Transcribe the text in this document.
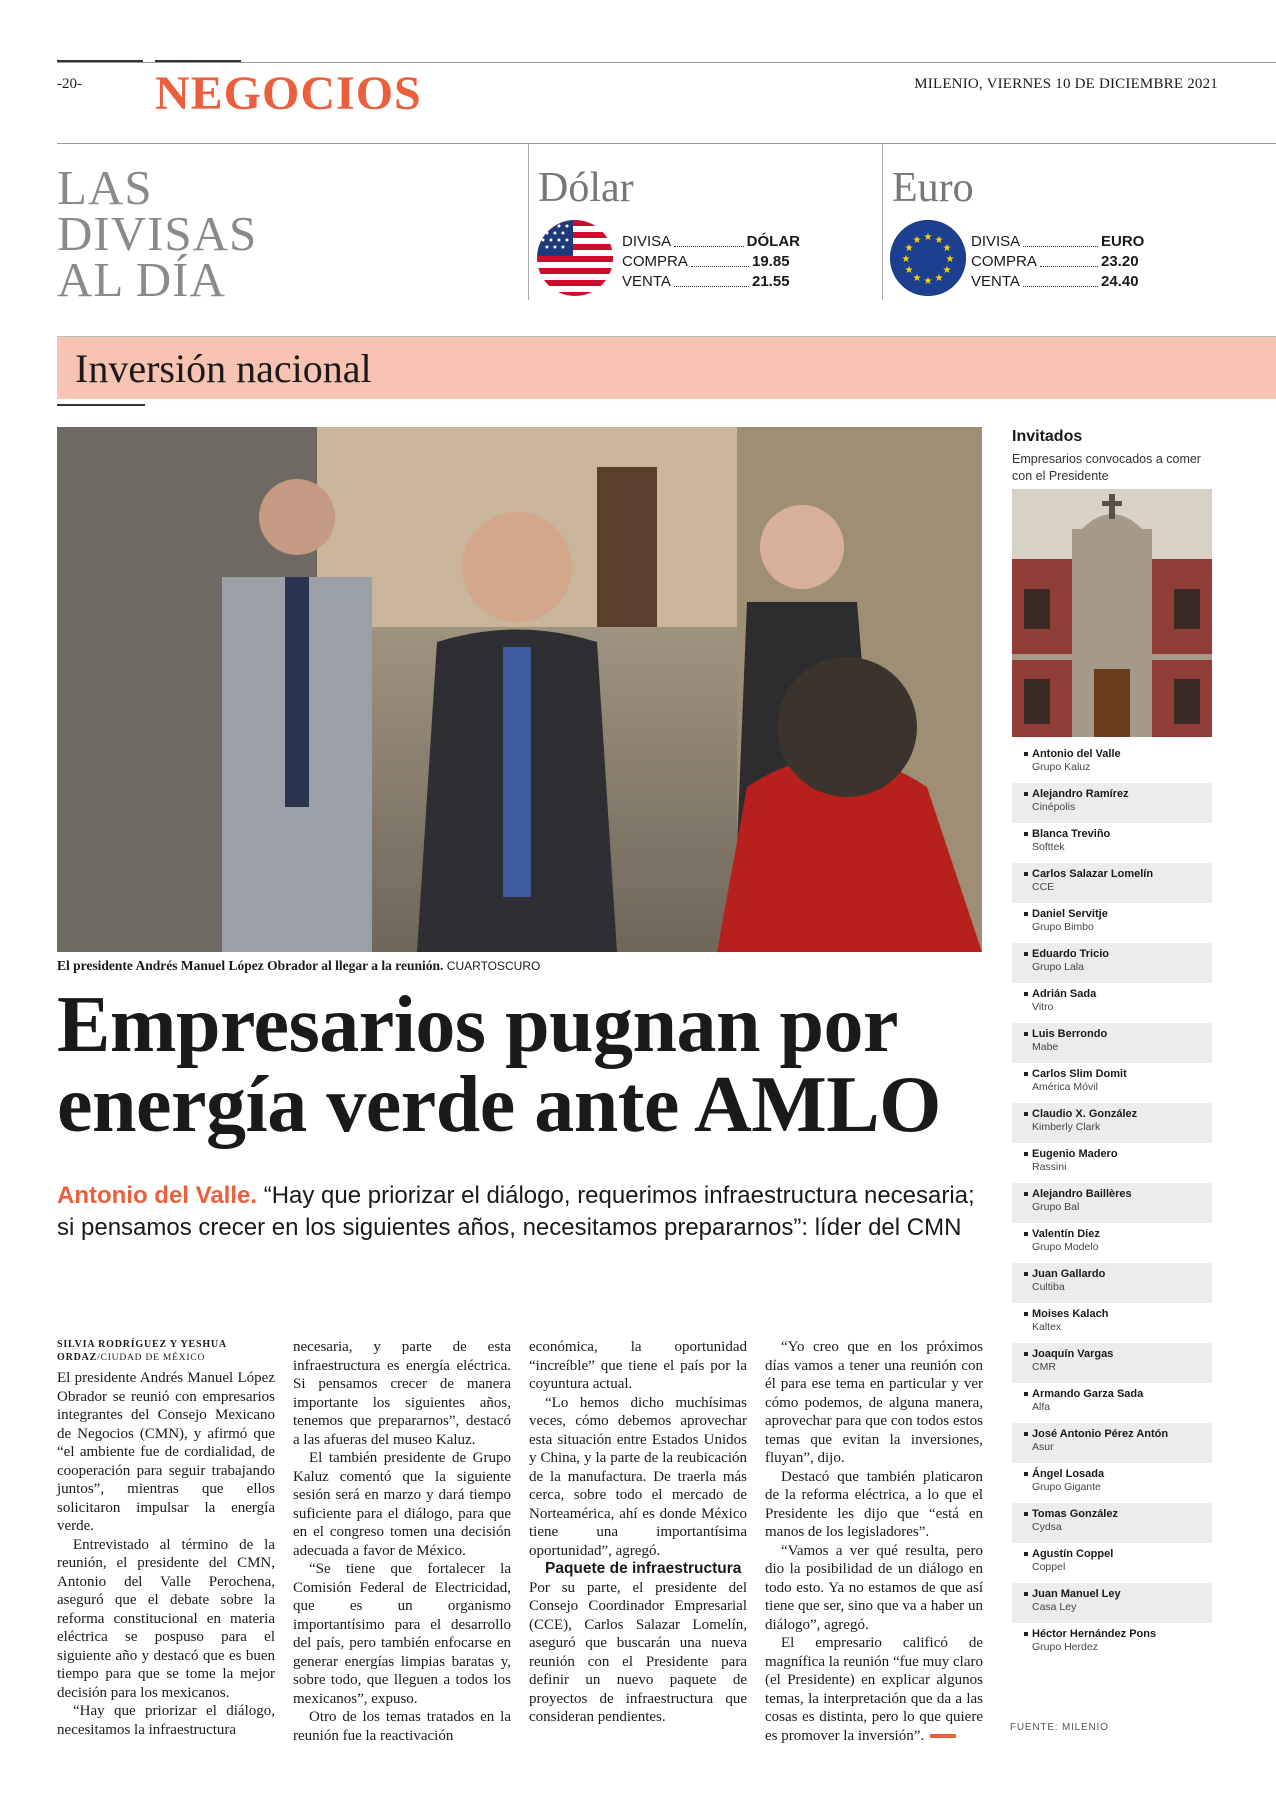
-20- NEGOCIOS	MILENIO, VIERNES 10 DE DICIEMBRE 2021
LAS
DIVISAS
AL DÍA
Dólar
DIVISA	DÓLAR
COMPRA	19.85
VENTA	21.55
Euro
★ ★
★
★
★
★
★
★
★
★
★
★	DIVISA	EURO
COMPRA	23.20
VENTA	24.40
Inversión nacional
El presidente Andrés Manuel López Obrador al llegar a la reunión. CUARTOSCURO
Empresarios pugnan por
energía verde ante AMLO
Antonio del Valle. “Hay que priorizar el diálogo, requerimos infraestructura necesaria; si pensamos crecer en los siguientes años, necesitamos prepararnos”: líder del CMN
SILVIA RODRÍGUEZ Y YESHUA ORDAZ/CIUDAD DE MÉXICO

El presidente Andrés Manuel López Obrador se reunió con empresarios integrantes del Consejo Mexicano de Negocios (CMN), y afirmó que “el ambiente fue de cordialidad, de cooperación para seguir trabajando juntos”, mientras que ellos solicitaron impulsar la energía verde.

Entrevistado al término de la reunión, el presidente del CMN, Antonio del Valle Perochena, aseguró que el debate sobre la reforma constitucional en materia eléctrica se pospuso para el siguiente año y destacó que es buen tiempo para que se tome la mejor decisión para los mexicanos.

“Hay que priorizar el diálogo, necesitamos la infraestructura

necesaria, y parte de esta infraestructura es energía eléctrica. Si pensamos crecer de manera importante los siguientes años, tenemos que prepararnos”, destacó a las afueras del museo Kaluz.

El también presidente de Grupo Kaluz comentó que la siguiente sesión será en marzo y dará tiempo suficiente para el diálogo, para que en el congreso tomen una decisión adecuada a favor de México.

“Se tiene que fortalecer la Comisión Federal de Electricidad, que es un organismo importantísimo para el desarrollo del país, pero también enfocarse en generar energías limpias baratas y, sobre todo, que lleguen a todos los mexicanos”, expuso.

Otro de los temas tratados en la reunión fue la reactivación

económica, la oportunidad “increíble” que tiene el país por la coyuntura actual.

“Lo hemos dicho muchísimas veces, cómo debemos aprovechar esta situación entre Estados Unidos y China, y la parte de la reubicación de la manufactura. De traerla más cerca, sobre todo el mercado de Norteamérica, ahí es donde México tiene una importantísima oportunidad”, agregó.

Paquete de infraestructura

Por su parte, el presidente del Consejo Coordinador Empresarial (CCE), Carlos Salazar Lomelín, aseguró que buscarán una nueva reunión con el Presidente para definir un nuevo paquete de proyectos de infraestructura que consideran pendientes.

“Yo creo que en los próximos días vamos a tener una reunión con él para ese tema en particular y ver cómo podemos, de alguna manera, aprovechar para que con todos estos temas que evitan la inversiones, fluyan”, dijo.

Destacó que también platicaron de la reforma eléctrica, a lo que el Presidente les dijo que “está en manos de los legisladores”.

“Vamos a ver qué resulta, pero dio la posibilidad de un diálogo en todo esto. Ya no estamos de que así tiene que ser, sino que va a haber un diálogo”, agregó.

El empresario calificó de magnífica la reunión “fue muy claro (el Presidente) en explicar algunos temas, la interpretación que da a las cosas es distinta, pero lo que quiere es promover la inversión”.

Invitados
Empresarios convocados a comer con el Presidente
Antonio del Valle
Grupo Kaluz
Alejandro Ramírez
Cinépolis
Blanca Treviño
Softtek
Carlos Salazar Lomelín
CCE
Daniel Servitje
Grupo Bimbo
Eduardo Tricio
Grupo Lala
Adrián Sada
Vitro
Luis Berrondo
Mabe
Carlos Slim Domit
América Móvil
Claudio X. González
Kimberly Clark
Eugenio Madero
Rassini
Alejandro Baillères
Grupo Bal
Valentín Díez
Grupo Modelo
Juan Gallardo
Cultiba
Moises Kalach
Kaltex
Joaquín Vargas
CMR
Armando Garza Sada
Alfa
José Antonio Pérez Antón
Asur
Ángel Losada
Grupo Gigante
Tomas González
Cydsa
Agustín Coppel
Coppel
Juan Manuel Ley
Casa Ley
Héctor Hernández Pons
Grupo Herdez
FUENTE: MILENIO
